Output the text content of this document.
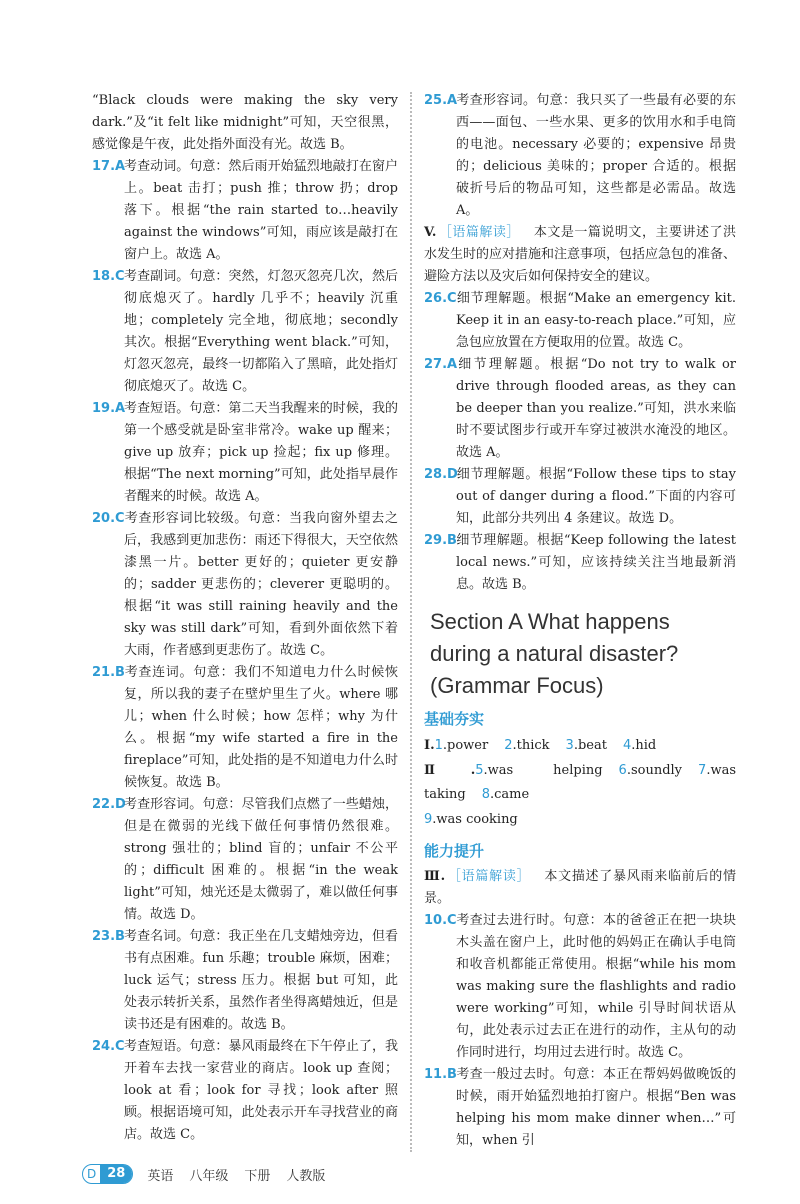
“Black clouds were making the sky very dark.”及“it felt like midnight”可知，天空很黑，感觉像是午夜，此处指外面没有光。故选 B。

17.A考查动词。句意：然后雨开始猛烈地敲打在窗户上。beat 击打；push 推；throw 扔；drop 落下。根据“the rain started to…heavily against the windows”可知，雨应该是敲打在窗户上。故选 A。

18.C考查副词。句意：突然，灯忽灭忽亮几次，然后彻底熄灭了。hardly 几乎不；heavily 沉重地；completely 完全地，彻底地；secondly 其次。根据“Everything went black.”可知，灯忽灭忽亮，最终一切都陷入了黑暗，此处指灯彻底熄灭了。故选 C。

19.A考查短语。句意：第二天当我醒来的时候，我的第一个感受就是卧室非常冷。wake up 醒来；give up 放弃；pick up 捡起；fix up 修理。根据“The next morning”可知，此处指早晨作者醒来的时候。故选 A。

20.C考查形容词比较级。句意：当我向窗外望去之后，我感到更加悲伤：雨还下得很大，天空依然漆黑一片。better 更好的；quieter 更安静的；sadder 更悲伤的；cleverer 更聪明的。根据“it was still raining heavily and the sky was still dark”可知，看到外面依然下着大雨，作者感到更悲伤了。故选 C。

21.B考查连词。句意：我们不知道电力什么时候恢复，所以我的妻子在壁炉里生了火。where 哪儿；when 什么时候；how 怎样；why 为什么。根据“my wife started a fire in the fireplace”可知，此处指的是不知道电力什么时候恢复。故选 B。

22.D考查形容词。句意：尽管我们点燃了一些蜡烛，但是在微弱的光线下做任何事情仍然很难。strong 强壮的；blind 盲的；unfair 不公平的；difficult 困难的。根据“in the weak light”可知，烛光还是太微弱了，难以做任何事情。故选 D。

23.B考查名词。句意：我正坐在几支蜡烛旁边，但看书有点困难。fun 乐趣；trouble 麻烦，困难；luck 运气；stress 压力。根据 but 可知，此处表示转折关系，虽然作者坐得离蜡烛近，但是读书还是有困难的。故选 B。

24.C考查短语。句意：暴风雨最终在下午停止了，我开着车去找一家营业的商店。look up 查阅；look at 看；look for 寻找；look after 照顾。根据语境可知，此处表示开车寻找营业的商店。故选 C。

25.A考查形容词。句意：我只买了一些最有必要的东西——面包、一些水果、更多的饮用水和手电筒的电池。necessary 必要的；expensive 昂贵的；delicious 美味的；proper 合适的。根据破折号后的物品可知，这些都是必需品。故选 A。

V. ［语篇解读］ 本文是一篇说明文，主要讲述了洪水发生时的应对措施和注意事项，包括应急包的准备、避险方法以及灾后如何保持安全的建议。

26.C细节理解题。根据“Make an emergency kit. Keep it in an easy-to-reach place.”可知，应急包应放置在方便取用的位置。故选 C。

27.A细节理解题。根据“Do not try to walk or drive through flooded areas, as they can be deeper than you realize.”可知，洪水来临时不要试图步行或开车穿过被洪水淹没的地区。故选 A。

28.D细节理解题。根据“Follow these tips to stay out of danger during a flood.”下面的内容可知，此部分共列出 4 条建议。故选 D。

29.B细节理解题。根据“Keep following the latest local news.”可知，应该持续关注当地最新消息。故选 B。

Section A What happens during a natural disaster? (Grammar Focus)
基础夯实

Ⅰ.1.power 2.thick 3.beat 4.hid

Ⅱ.5.was helping 6.soundly 7.was taking 8.came

9.was cooking

能力提升

Ⅲ. ［语篇解读］ 本文描述了暴风雨来临前后的情景。

10.C考查过去进行时。句意：本的爸爸正在把一块块木头盖在窗户上，此时他的妈妈正在确认手电筒和收音机都能正常使用。根据“while his mom was making sure the flashlights and radio were working”可知，while 引导时间状语从句，此处表示过去正在进行的动作，主从句的动作同时进行，均用过去进行时。故选 C。

11.B考查一般过去时。句意：本正在帮妈妈做晚饭的时候，雨开始猛烈地拍打窗户。根据“Ben was helping his mom make dinner when…”可知，when 引

D 28	英语 八年级 下册 人教版
